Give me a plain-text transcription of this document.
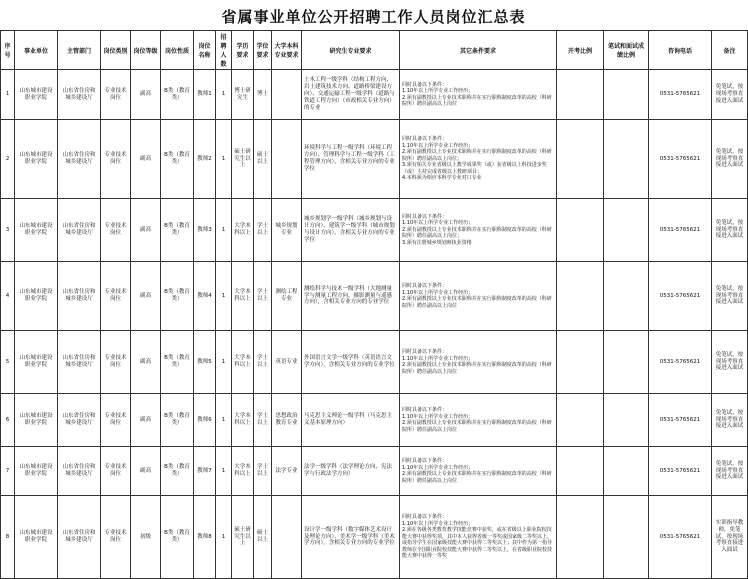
省属事业单位公开招聘工作人员岗位汇总表
序号	事业单位	主管部门	岗位类别	岗位等级	岗位性质	岗位名称	招聘人数	学历要求	学位要求	大学本科专业要求	研究生专业要求	其它条件要求	开考比例	笔试和面试成绩比例	咨询电话	备注
1	山东城市建设职业学院	山东省住房和城乡建设厅	专业技术岗位	副高	B类（教育类）	教师1	1	博士研究生	博士		土木工程一级学科（结构工程方向、岩土建筑技术方向、道路桥梁建设方向）、交通运输工程一级学科（道路与铁道工程方向）（市政相关专业方向）的专业	同时具备以下条件：
1.10年以上所学专业工作经历；
2.须有副教授以上专业技术职称并在实行职称制度改革的高校（科研院所）聘任副高以上岗位			0531-5765621	免笔试，按现场考察直接进入面试
2	山东城市建设职业学院	山东省住房和城乡建设厅	专业技术岗位	副高	B类（教育类）	教师2	1	硕士研究生以上	硕士以上		环境科学与工程一级学科（环境工程方向）、管理科学与工程一级学科（工程管理方向），含相关专业方向的专业学位	同时具备以下条件：
1.10年以上所学专业工作经历；
2.须有副教授以上专业技术职称并在实行职称制度改革的高校（科研院所）聘任副高以上岗位；
3.须有相关专业省级以上教学成果奖（或）获省级以上科技进步奖（或）主持完成省级以上教研项目；
4.本科须为相应本科学专业对口专业			0531-5765621	免笔试，按现场考察直接进入面试
3	山东城市建设职业学院	山东省住房和城乡建设厅	专业技术岗位	副高	B类（教育类）	教师3	1	大学本科以上	学士以上	城乡规划专业	城乡规划学一级学科（城乡规划与设计方向）、建筑学一级学科（城市规划与设计方向），含相关专业方向的专业学位	同时具备以下条件：
1.10年以上所学专业工作经历；
2.须有副教授以上专业技术职称并在实行职称制度改革的高校（科研院所）聘任副高以上岗位；
3.须有注册城乡规划师执业资格			0531-5765621	免笔试，按现场考察直接进入面试
4	山东城市建设职业学院	山东省住房和城乡建设厅	专业技术岗位	副高	B类（教育类）	教师4	1	大学本科以上	学士以上	测绘工程专业	测绘科学与技术一级学科（大地测量学与测量工程方向、摄影测量与遥感方向），含相关专业方向的专业学位	同时具备以下条件：
1.10年以上所学专业工作经历；
2.须有副教授以上专业技术职称并在实行职称制度改革的高校（科研院所）聘任副高以上岗位			0531-5765621	免笔试，按现场考察直接进入面试
5	山东城市建设职业学院	山东省住房和城乡建设厅	专业技术岗位	副高	B类（教育类）	教师5	1	大学本科以上	学士以上	英语专业	外国语言文学一级学科（英语语言文学方向），含相关专业方向的专业学位	同时具备以下条件：
1.10年以上所学专业工作经历；
2.须有副教授以上专业技术职称并在实行职称制度改革的高校（科研院所）聘任副高以上岗位			0531-5765621	免笔试，按现场考察直接进入面试
6	山东城市建设职业学院	山东省住房和城乡建设厅	专业技术岗位	副高	B类（教育类）	教师6	1	大学本科以上	学士以上	思想政治教育专业	马克思主义理论一级学科（马克思主义基本原理方向）	同时具备以下条件：
1.10年以上所学专业工作经历；
2.须有副教授以上专业技术职称并在实行职称制度改革的高校（科研院所）聘任副高以上岗位			0531-5765621	免笔试，按现场考察直接进入面试
7	山东城市建设职业学院	山东省住房和城乡建设厅	专业技术岗位	副高	B类（教育类）	教师7	1	大学本科以上	学士以上	法学专业	法学一级学科（法学理论方向、宪法学与行政法学方向）	同时具备以下条件：
1.10年以上所学专业工作经历；
2.须有副教授以上专业技术职称并在实行职称制度改革的高校（科研院所）聘任副高以上岗位			0531-5765621	免笔试，按现场考察直接进入面试
8	山东城市建设职业学院	山东省住房和城乡建设厅	专业技术岗位	初级	B类（教育类）	教师8	1	硕士研究生以上	硕士以上		设计学一级学科（数字媒体艺术设计及理论方向）、美术学一级学科（美术学方向），含相关专业方向的专业学位	同时具备以下条件：
1.10年以上所学专业工作经历；
2.须在各级各类教育教学技能竞赛中获奖，或在省级以上职业院校技能大赛中获得奖项，其中本人获得省级一等奖或国家级二等奖以上，或指导学生在国家级技能大赛中获得二等奖以上；其中作为第一指导教师在全国职业院校技能大赛中获得二等奖以上，在省级职业院校技能大赛中获得一等奖			0531-5765621	实训指导教师，免笔试，按现场考察直接进入面试
